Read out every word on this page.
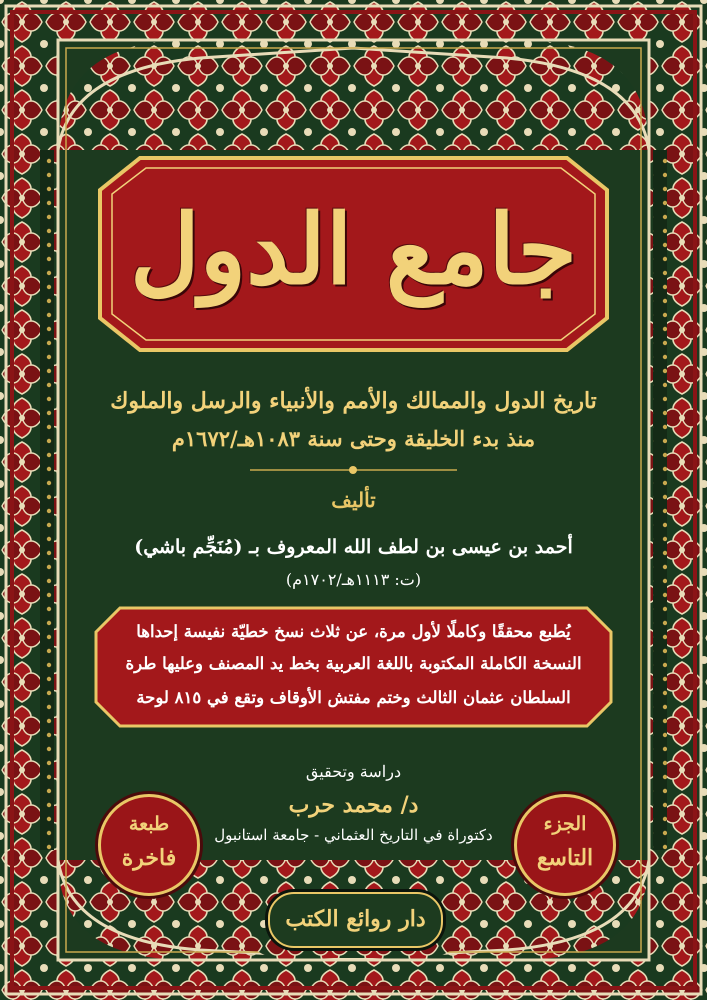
جامع الدول

تاريخ الدول والممالك والأمم والأنبياء والرسل والملوك

منذ بدء الخليقة وحتى سنة ١٠٨٣هـ/١٦٧٢م

تأليف

أحمد بن عيسى بن لطف الله المعروف بـ (مُنَجِّم باشي)

(ت: ١١١٣هـ/١٧٠٢م)

يُطبع محققًا وكاملًا لأول مرة، عن ثلاث نسخ خطيّة نفيسة إحداها

النسخة الكاملة المكتوبة باللغة العربية بخط يد المصنف وعليها طرة

السلطان عثمان الثالث وختم مفتش الأوقاف وتقع في ٨١٥ لوحة

دراسة وتحقيق

د/ محمد حرب

دكتوراة في التاريخ العثماني - جامعة استانبول	الجزء

التاسع

طبعة

فاخرة

دار روائع الكتب
